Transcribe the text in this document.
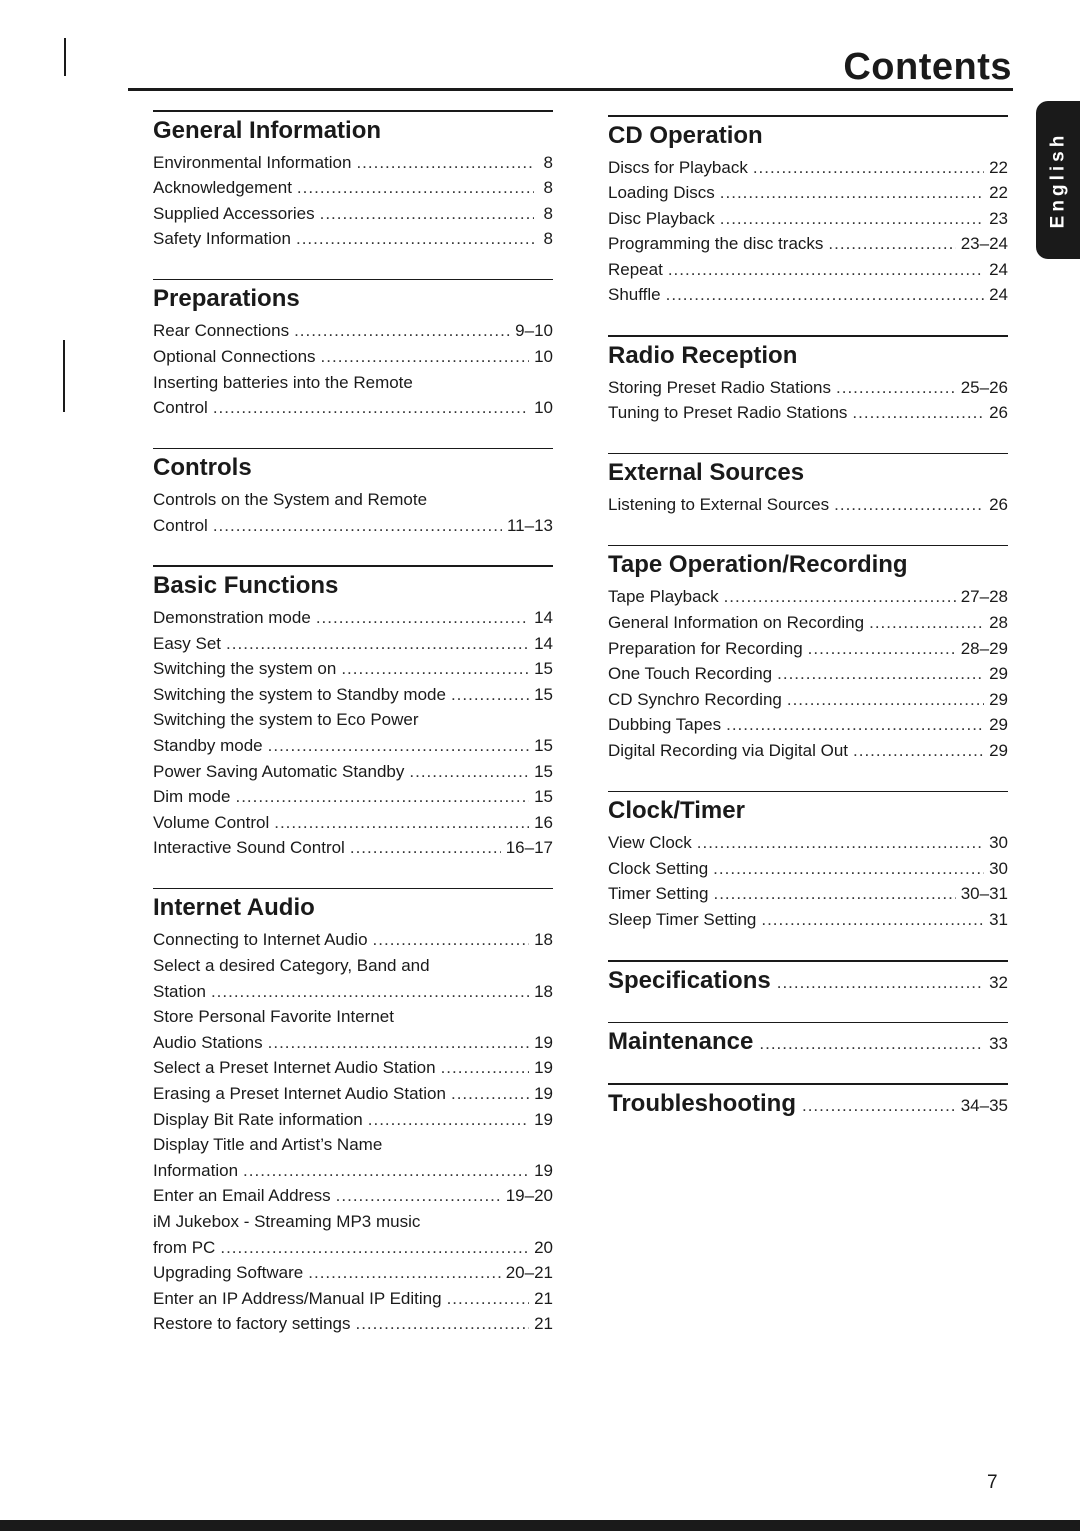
Contents
English
General Information
Environmental Information .....	8
Acknowledgement .....	8
Supplied Accessories .....	8
Safety Information .....	8
Preparations
Rear Connections .....	9–10
Optional Connections .....	10
Inserting batteries into the Remote
Control .....	10
Controls
Controls on the System and Remote
Control .....	11–13
Basic Functions
Demonstration mode .....	14
Easy Set .....	14
Switching the system on .....	15
Switching the system to Standby mode .....	15
Switching the system to Eco Power
Standby mode .....	15
Power Saving Automatic Standby .....	15
Dim mode .....	15
Volume Control .....	16
Interactive Sound Control .....	16–17
Internet Audio
Connecting to Internet Audio .....	18
Select a desired Category, Band and
Station .....	18
Store Personal Favorite Internet
Audio Stations .....	19
Select a Preset Internet Audio Station .....	19
Erasing a Preset Internet Audio Station .....	19
Display Bit Rate information .....	19
Display Title and Artist’s Name
Information .....	19
Enter an Email Address .....	19–20
iM Jukebox - Streaming MP3 music
from PC .....	20
Upgrading Software .....	20–21
Enter an IP Address/Manual IP Editing .....	21
Restore to factory settings .....	21
CD Operation
Discs for Playback .....	22
Loading Discs .....	22
Disc Playback .....	23
Programming the disc tracks .....	23–24
Repeat .....	24
Shuffle .....	24
Radio Reception
Storing Preset Radio Stations .....	25–26
Tuning to Preset Radio Stations .....	26
External Sources
Listening to External Sources .....	26
Tape Operation/Recording
Tape Playback .....	27–28
General Information on Recording .....	28
Preparation for Recording .....	28–29
One Touch Recording .....	29
CD Synchro Recording .....	29
Dubbing Tapes .....	29
Digital Recording via Digital Out .....	29
Clock/Timer
View Clock .....	30
Clock Setting .....	30
Timer Setting .....	30–31
Sleep Timer Setting .....	31
Specifications .....	32
Maintenance .....	33
Troubleshooting .....	34–35
7
